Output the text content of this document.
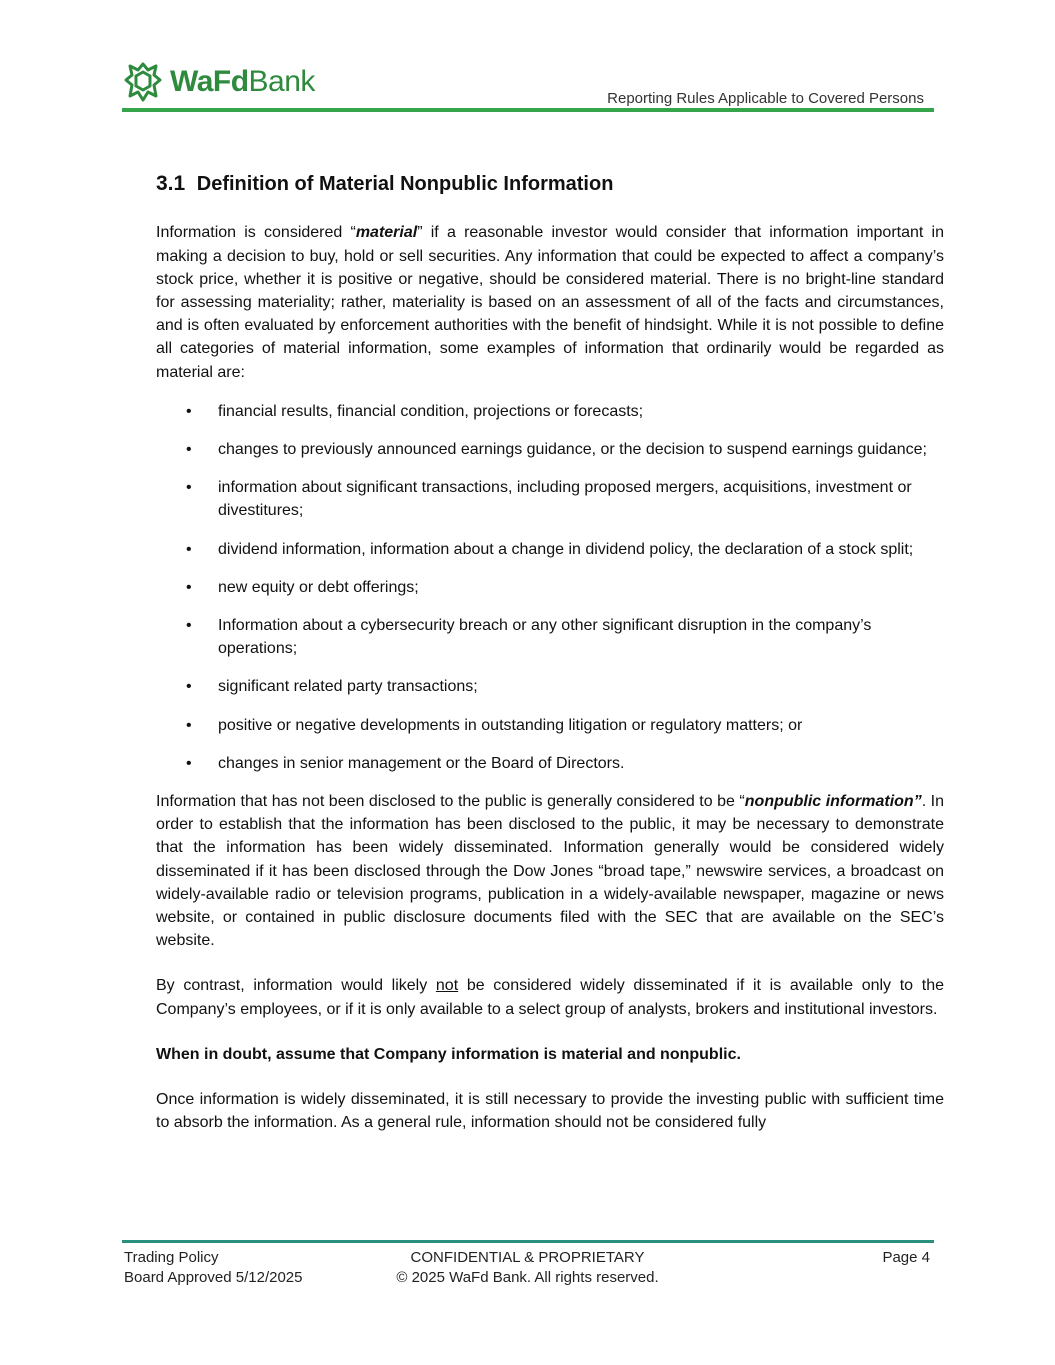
WaFdBank
Reporting Rules Applicable to Covered Persons
3.1 Definition of Material Nonpublic Information

Information is considered “material” if a reasonable investor would consider that information important in making a decision to buy, hold or sell securities. Any information that could be expected to affect a company’s stock price, whether it is positive or negative, should be considered material. There is no bright-line standard for assessing materiality; rather, materiality is based on an assessment of all of the facts and circumstances, and is often evaluated by enforcement authorities with the benefit of hindsight. While it is not possible to define all categories of material information, some examples of information that ordinarily would be regarded as material are:

• financial results, financial condition, projections or forecasts;
• changes to previously announced earnings guidance, or the decision to suspend earnings guidance;
• information about significant transactions, including proposed mergers, acquisitions, investment or divestitures;
• dividend information, information about a change in dividend policy, the declaration of a stock split;
• new equity or debt offerings;
• Information about a cybersecurity breach or any other significant disruption in the company’s operations;
• significant related party transactions;
• positive or negative developments in outstanding litigation or regulatory matters; or
• changes in senior management or the Board of Directors.

Information that has not been disclosed to the public is generally considered to be “nonpublic information”. In order to establish that the information has been disclosed to the public, it may be necessary to demonstrate that the information has been widely disseminated. Information generally would be considered widely disseminated if it has been disclosed through the Dow Jones “broad tape,” newswire services, a broadcast on widely-available radio or television programs, publication in a widely-available newspaper, magazine or news website, or contained in public disclosure documents filed with the SEC that are available on the SEC’s website.

By contrast, information would likely not be considered widely disseminated if it is available only to the Company’s employees, or if it is only available to a select group of analysts, brokers and institutional investors.

When in doubt, assume that Company information is material and nonpublic.

Once information is widely disseminated, it is still necessary to provide the investing public with sufficient time to absorb the information. As a general rule, information should not be considered fully

Trading Policy
Board Approved 5/12/2025
CONFIDENTIAL & PROPRIETARY
© 2025 WaFd Bank. All rights reserved.
Page 4
